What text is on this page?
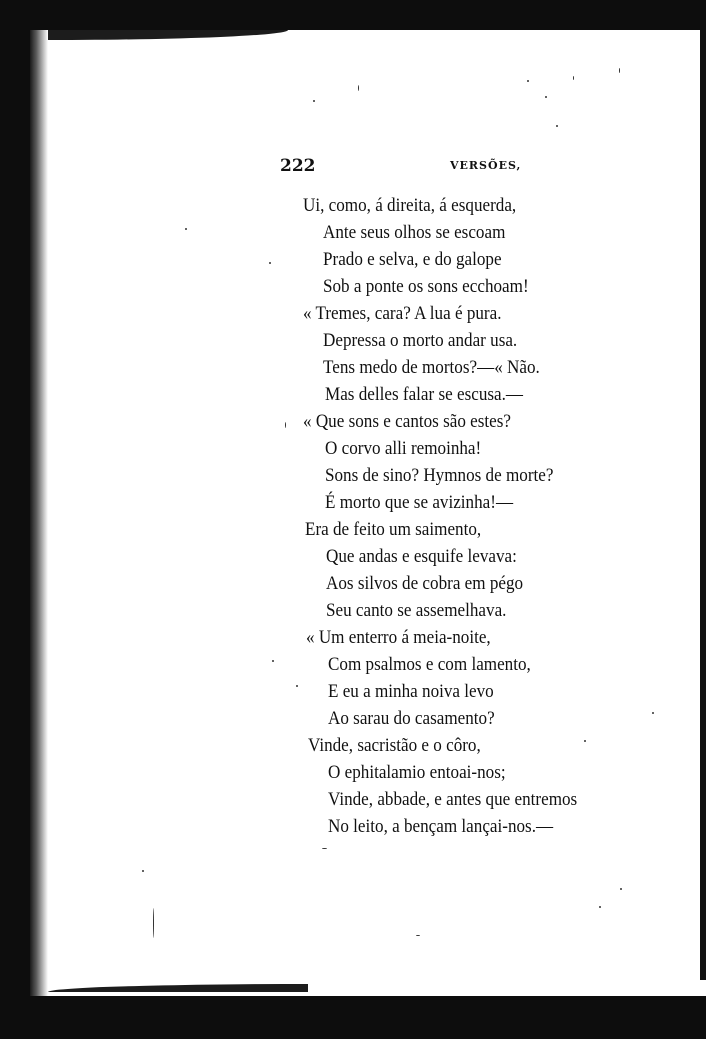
222	VERSÕES,
Ui, como, á direita, á esquerda,
Ante seus olhos se escoam
Prado e selva, e do galope
Sob a ponte os sons ecchoam!
« Tremes, cara? A lua é pura.
Depressa o morto andar usa.
Tens medo de mortos?—« Não.
Mas delles falar se escusa.—
« Que sons e cantos são estes?
O corvo alli remoinha!
Sons de sino? Hymnos de morte?
É morto que se avizinha!—
Era de feito um saimento,
Que andas e esquife levava:
Aos silvos de cobra em pégo
Seu canto se assemelhava.
« Um enterro á meia-noite,
Com psalmos e com lamento,
E eu a minha noiva levo
Ao sarau do casamento?
Vinde, sacristão e o côro,
O ephitalamio entoai-nos;
Vinde, abbade, e antes que entremos
No leito, a bençam lançai-nos.—
